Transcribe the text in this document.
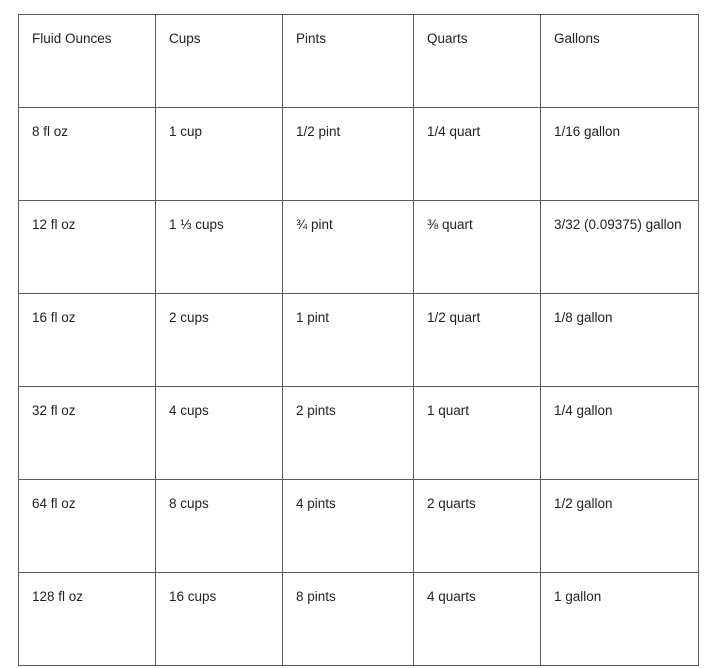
Fluid Ounces	Cups	Pints	Quarts	Gallons
8 fl oz	1 cup	1/2 pint	1/4 quart	1/16 gallon
12 fl oz	1 ⅓ cups	¾ pint	⅜ quart	3/32 (0.09375) gallon
16 fl oz	2 cups	1 pint	1/2 quart	1/8 gallon
32 fl oz	4 cups	2 pints	1 quart	1/4 gallon
64 fl oz	8 cups	4 pints	2 quarts	1/2 gallon
128 fl oz	16 cups	8 pints	4 quarts	1 gallon
